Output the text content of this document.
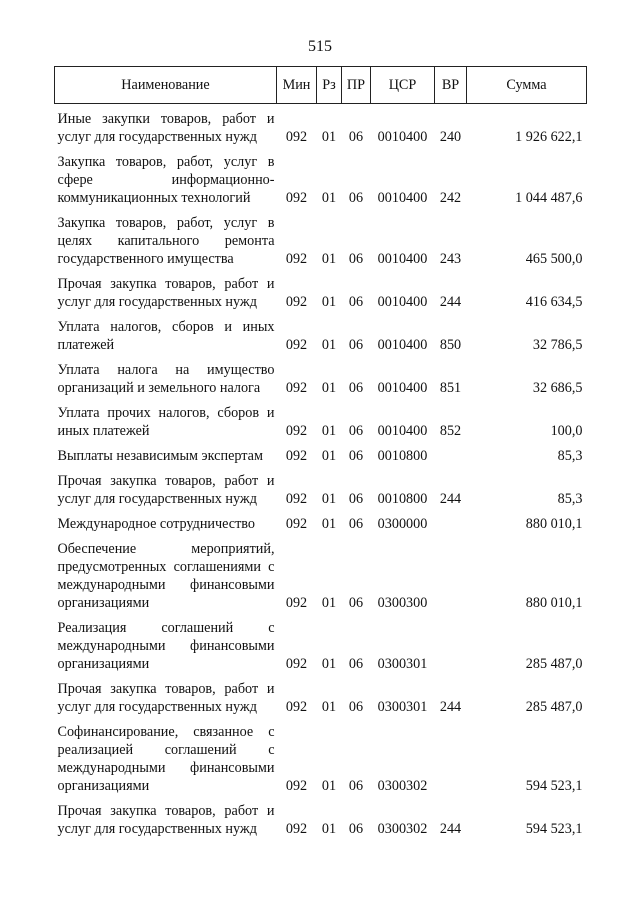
515
Наименование	Мин	Рз	ПР	ЦСР	ВР	Сумма
Иные закупки товаров, работ и услуг для государственных нужд	092	01	06	0010400	240	1 926 622,1
Закупка товаров, работ, услуг в сфере информационно-коммуникационных технологий	092	01	06	0010400	242	1 044 487,6
Закупка товаров, работ, услуг в целях капитального ремонта государственного имущества	092	01	06	0010400	243	465 500,0
Прочая закупка товаров, работ и услуг для государственных нужд	092	01	06	0010400	244	416 634,5
Уплата налогов, сборов и иных платежей	092	01	06	0010400	850	32 786,5
Уплата налога на имущество организаций и земельного налога	092	01	06	0010400	851	32 686,5
Уплата прочих налогов, сборов и иных платежей	092	01	06	0010400	852	100,0
Выплаты независимым экспертам	092	01	06	0010800		85,3
Прочая закупка товаров, работ и услуг для государственных нужд	092	01	06	0010800	244	85,3
Международное сотрудничество	092	01	06	0300000		880 010,1
Обеспечение мероприятий, предусмотренных соглашениями с международными финансовыми организациями	092	01	06	0300300		880 010,1
Реализация соглашений с международными финансовыми организациями	092	01	06	0300301		285 487,0
Прочая закупка товаров, работ и услуг для государственных нужд	092	01	06	0300301	244	285 487,0
Софинансирование, связанное с реализацией соглашений с международными финансовыми организациями	092	01	06	0300302		594 523,1
Прочая закупка товаров, работ и услуг для государственных нужд	092	01	06	0300302	244	594 523,1
